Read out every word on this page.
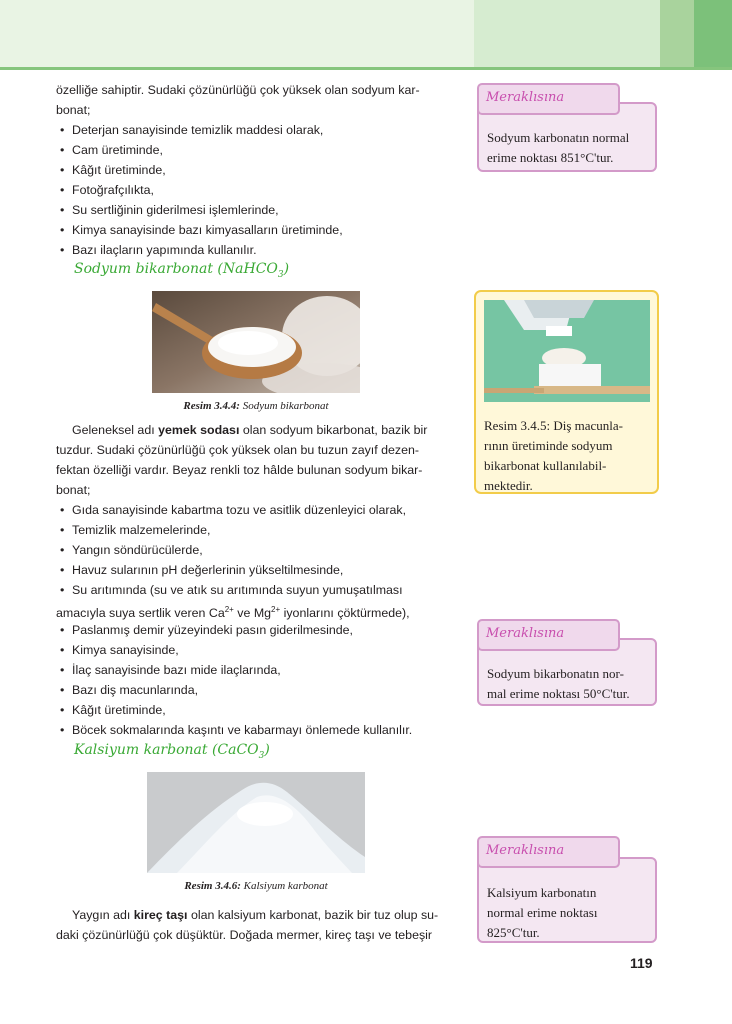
özelliğe sahiptir. Sudaki çözünürlüğü çok yüksek olan sodyum kar-

bonat;

• Deterjan sanayisinde temizlik maddesi olarak,
• Cam üretiminde,
• Kâğıt üretiminde,
• Fotoğrafçılıkta,
• Su sertliğinin giderilmesi işlemlerinde,
• Kimya sanayisinde bazı kimyasalların üretiminde,
• Bazı ilaçların yapımında kullanılır.
Sodyum bikarbonat (NaHCO$_3$)
Resim 3.4.4: Sodyum bikarbonat

Geleneksel adı yemek sodası olan sodyum bikarbonat, bazik bir

tuzdur. Sudaki çözünürlüğü çok yüksek olan bu tuzun zayıf dezen-

fektan özelliği vardır. Beyaz renkli toz hâlde bulunan sodyum bikar-

bonat;

• Gıda sanayisinde kabartma tozu ve asitlik düzenleyici olarak,
• Temizlik malzemelerinde,
• Yangın söndürücülerde,
• Havuz sularının pH değerlerinin yükseltilmesinde,

• Su arıtımında (su ve atık su arıtımında suyun yumuşatılması

amacıyla suya sertlik veren $Ca^{2+}$ ve $Mg^{2+}$ iyonlarını çöktürmede),

• Paslanmış demir yüzeyindeki pasın giderilmesinde,
• Kimya sanayisinde,
• İlaç sanayisinde bazı mide ilaçlarında,
• Bazı diş macunlarında,
• Kâğıt üretiminde,
• Böcek sokmalarında kaşıntı ve kabarmayı önlemede kullanılır.
Kalsiyum karbonat (CaCO$_3$)
Resim 3.4.6: Kalsiyum karbonat

Yaygın adı kireç taşı olan kalsiyum karbonat, bazik bir tuz olup su-

daki çözünürlüğü çok düşüktür. Doğada mermer, kireç taşı ve tebeşir

Sodyum karbonatın normal
erime noktası 851°C'tur.
Meraklısına
Resim 3.4.5: Diş macunla-
rının üretiminde sodyum
bikarbonat kullanılabil-
mektedir.
Sodyum bikarbonatın nor-
mal erime noktası 50°C'tur.
Meraklısına
Kalsiyum karbonatın
normal erime noktası
825°C'tur.
Meraklısına
119
